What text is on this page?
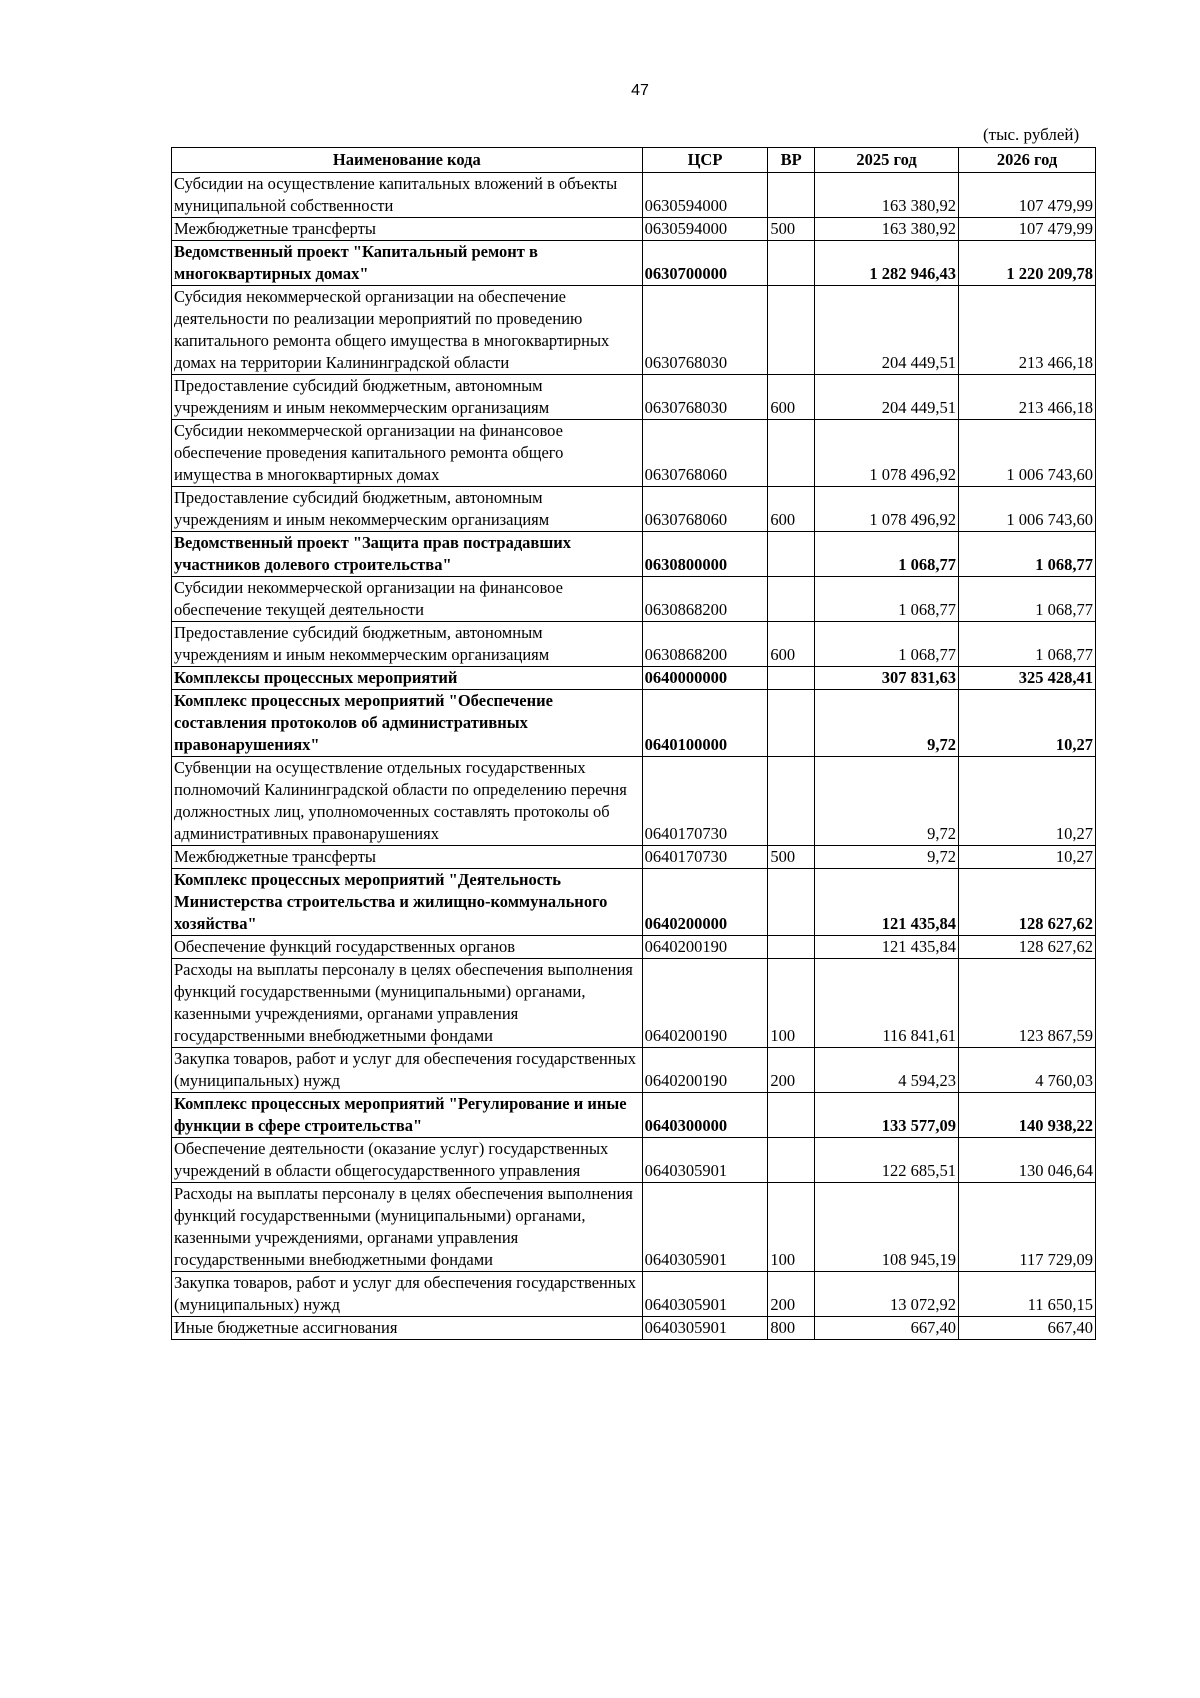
47
(тыс. рублей)
Наименование кода	ЦСР	ВР	2025 год	2026 год
Субсидии на осуществление капитальных вложений в объекты муниципальной собственности	0630594000		163 380,92	107 479,99
Межбюджетные трансферты	0630594000	500	163 380,92	107 479,99
Ведомственный проект "Капитальный ремонт в многоквартирных домах"	0630700000		1 282 946,43	1 220 209,78
Субсидия некоммерческой организации на обеспечение деятельности по реализации мероприятий по проведению капитального ремонта общего имущества в многоквартирных домах на территории Калининградской области	0630768030		204 449,51	213 466,18
Предоставление субсидий бюджетным, автономным учреждениям и иным некоммерческим организациям	0630768030	600	204 449,51	213 466,18
Субсидии некоммерческой организации на финансовое обеспечение проведения капитального ремонта общего имущества в многоквартирных домах	0630768060		1 078 496,92	1 006 743,60
Предоставление субсидий бюджетным, автономным учреждениям и иным некоммерческим организациям	0630768060	600	1 078 496,92	1 006 743,60
Ведомственный проект "Защита прав пострадавших участников долевого строительства"	0630800000		1 068,77	1 068,77
Субсидии некоммерческой организации на финансовое обеспечение текущей деятельности	0630868200		1 068,77	1 068,77
Предоставление субсидий бюджетным, автономным учреждениям и иным некоммерческим организациям	0630868200	600	1 068,77	1 068,77
Комплексы процессных мероприятий	0640000000		307 831,63	325 428,41
Комплекс процессных мероприятий "Обеспечение составления протоколов об административных правонарушениях"	0640100000		9,72	10,27
Субвенции на осуществление отдельных государственных полномочий Калининградской области по определению перечня должностных лиц, уполномоченных составлять протоколы об административных правонарушениях	0640170730		9,72	10,27
Межбюджетные трансферты	0640170730	500	9,72	10,27
Комплекс процессных мероприятий "Деятельность Министерства строительства и жилищно-коммунального хозяйства"	0640200000		121 435,84	128 627,62
Обеспечение функций государственных органов	0640200190		121 435,84	128 627,62
Расходы на выплаты персоналу в целях обеспечения выполнения функций государственными (муниципальными) органами, казенными учреждениями, органами управления государственными внебюджетными фондами	0640200190	100	116 841,61	123 867,59
Закупка товаров, работ и услуг для обеспечения государственных (муниципальных) нужд	0640200190	200	4 594,23	4 760,03
Комплекс процессных мероприятий "Регулирование и иные функции в сфере строительства"	0640300000		133 577,09	140 938,22
Обеспечение деятельности (оказание услуг) государственных учреждений в области общегосударственного управления	0640305901		122 685,51	130 046,64
Расходы на выплаты персоналу в целях обеспечения выполнения функций государственными (муниципальными) органами, казенными учреждениями, органами управления государственными внебюджетными фондами	0640305901	100	108 945,19	117 729,09
Закупка товаров, работ и услуг для обеспечения государственных (муниципальных) нужд	0640305901	200	13 072,92	11 650,15
Иные бюджетные ассигнования	0640305901	800	667,40	667,40
